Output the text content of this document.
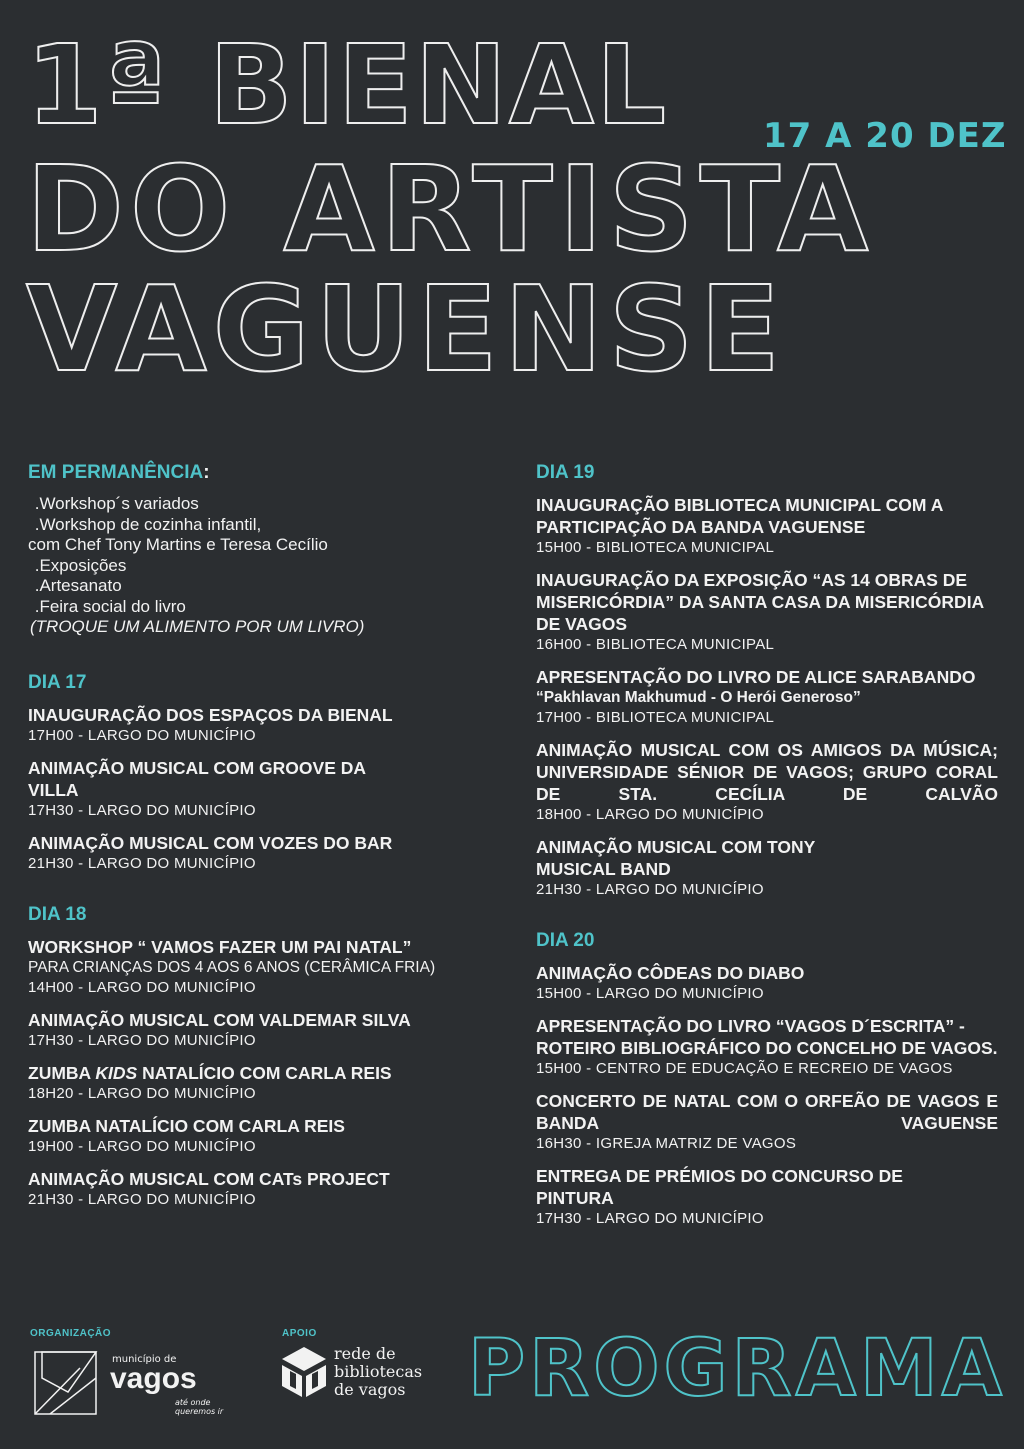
1ª BIENAL	17 A 20 DEZ
DO ARTISTA
VAGUENSE
EM PERMANÊNCIA:
.Workshop´s variados
.Workshop de cozinha infantil,
com Chef Tony Martins e Teresa Cecílio
.Exposições
.Artesanato
.Feira social do livro
(TROQUE UM ALIMENTO POR UM LIVRO)
DIA 17
INAUGURAÇÃO DOS ESPAÇOS DA BIENAL
17H00 - LARGO DO MUNICÍPIO
ANIMAÇÃO MUSICAL COM GROOVE DA VILLA
17H30 - LARGO DO MUNICÍPIO
ANIMAÇÃO MUSICAL COM VOZES DO BAR
21H30 - LARGO DO MUNICÍPIO
DIA 18
WORKSHOP “ VAMOS FAZER UM PAI NATAL”
PARA CRIANÇAS DOS 4 AOS 6 ANOS (CERÂMICA FRIA)
14H00 - LARGO DO MUNICÍPIO
ANIMAÇÃO MUSICAL COM VALDEMAR SILVA
17H30 - LARGO DO MUNICÍPIO
ZUMBA KIDS NATALÍCIO COM CARLA REIS
18H20 - LARGO DO MUNICÍPIO
ZUMBA NATALÍCIO COM CARLA REIS
19H00 - LARGO DO MUNICÍPIO
ANIMAÇÃO MUSICAL COM CATs PROJECT
21H30 - LARGO DO MUNICÍPIO
DIA 19
INAUGURAÇÃO BIBLIOTECA MUNICIPAL COM A PARTICIPAÇÃO DA BANDA VAGUENSE
15H00 - BIBLIOTECA MUNICIPAL
INAUGURAÇÃO DA EXPOSIÇÃO “AS 14 OBRAS DE MISERICÓRDIA” DA SANTA CASA DA MISERICÓRDIA DE VAGOS
16H00 - BIBLIOTECA MUNICIPAL
APRESENTAÇÃO DO LIVRO DE ALICE SARABANDO
“Pakhlavan Makhumud - O Herói Generoso”
17H00 - BIBLIOTECA MUNICIPAL
ANIMAÇÃO MUSICAL COM OS AMIGOS DA MÚSICA; UNIVERSIDADE SÉNIOR DE VAGOS; GRUPO CORAL DE STA. CECÍLIA DE CALVÃO
18H00 - LARGO DO MUNICÍPIO
ANIMAÇÃO MUSICAL COM TONY MUSICAL BAND
21H30 - LARGO DO MUNICÍPIO
DIA 20
ANIMAÇÃO CÔDEAS DO DIABO
15H00 - LARGO DO MUNICÍPIO
APRESENTAÇÃO DO LIVRO “VAGOS D´ESCRITA” - ROTEIRO BIBLIOGRÁFICO DO CONCELHO DE VAGOS.
15H00 - CENTRO DE EDUCAÇÃO E RECREIO DE VAGOS
CONCERTO DE NATAL COM O ORFEÃO DE VAGOS E BANDA VAGUENSE
16H30 - IGREJA MATRIZ DE VAGOS
ENTREGA DE PRÉMIOS DO CONCURSO DE PINTURA
17H30 - LARGO DO MUNICÍPIO
ORGANIZAÇÃO	APOIO
município de
vagos
até onde queremos ir
rede de
bibliotecas
de vagos PROGRAMA
